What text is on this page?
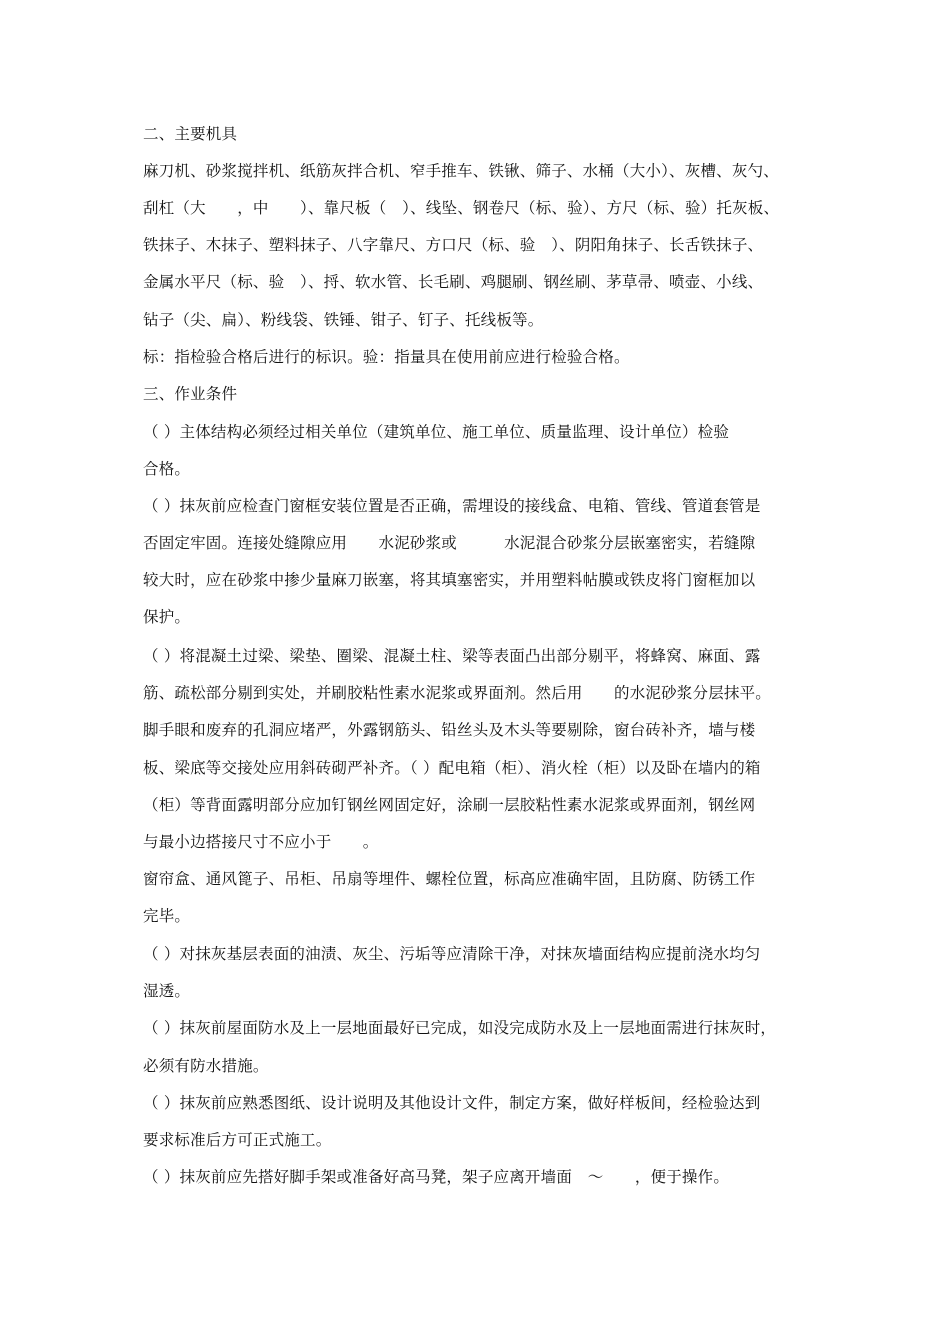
二、主要机具
麻刀机、砂浆搅拌机、纸筋灰拌合机、窄手推车、铁锹、筛子、水桶（大小）、灰槽、灰勺、
刮杠（大　　，中　　）、靠尺板（　）、线坠、钢卷尺（标、验）、方尺（标、验）托灰板、
铁抹子、木抹子、塑料抹子、八字靠尺、方口尺（标、验　）、阴阳角抹子、长舌铁抹子、
金属水平尺（标、验　）、捋、软水管、长毛刷、鸡腿刷、钢丝刷、茅草帚、喷壶、小线、
钻子（尖、扁）、粉线袋、铁锤、钳子、钉子、托线板等。
标：指检验合格后进行的标识。验：指量具在使用前应进行检验合格。
三、作业条件
（ ）主体结构必须经过相关单位（建筑单位、施工单位、质量监理、设计单位）检验
合格。
（ ）抹灰前应检查门窗框安装位置是否正确，需埋设的接线盒、电箱、管线、管道套管是
否固定牢固。连接处缝隙应用　　水泥砂浆或　　　水泥混合砂浆分层嵌塞密实，若缝隙
较大时，应在砂浆中掺少量麻刀嵌塞，将其填塞密实，并用塑料帖膜或铁皮将门窗框加以
保护。
（ ）将混凝土过梁、梁垫、圈梁、混凝土柱、梁等表面凸出部分剔平，将蜂窝、麻面、露
筋、疏松部分剔到实处，并刷胶粘性素水泥浆或界面剂。然后用　　的水泥砂浆分层抹平。
脚手眼和废弃的孔洞应堵严，外露钢筋头、铅丝头及木头等要剔除，窗台砖补齐，墙与楼
板、梁底等交接处应用斜砖砌严补齐。（ ）配电箱（柜）、消火栓（柜）以及卧在墙内的箱
（柜）等背面露明部分应加钉钢丝网固定好，涂刷一层胶粘性素水泥浆或界面剂，钢丝网
与最小边搭接尺寸不应小于　　。
窗帘盒、通风篦子、吊柜、吊扇等埋件、螺栓位置，标高应准确牢固，且防腐、防锈工作
完毕。
（ ）对抹灰基层表面的油渍、灰尘、污垢等应清除干净，对抹灰墙面结构应提前浇水均匀
湿透。
（ ）抹灰前屋面防水及上一层地面最好已完成，如没完成防水及上一层地面需进行抹灰时，
必须有防水措施。
（ ）抹灰前应熟悉图纸、设计说明及其他设计文件，制定方案，做好样板间，经检验达到
要求标准后方可正式施工。
（ ）抹灰前应先搭好脚手架或准备好高马凳，架子应离开墙面　～　　，便于操作。
